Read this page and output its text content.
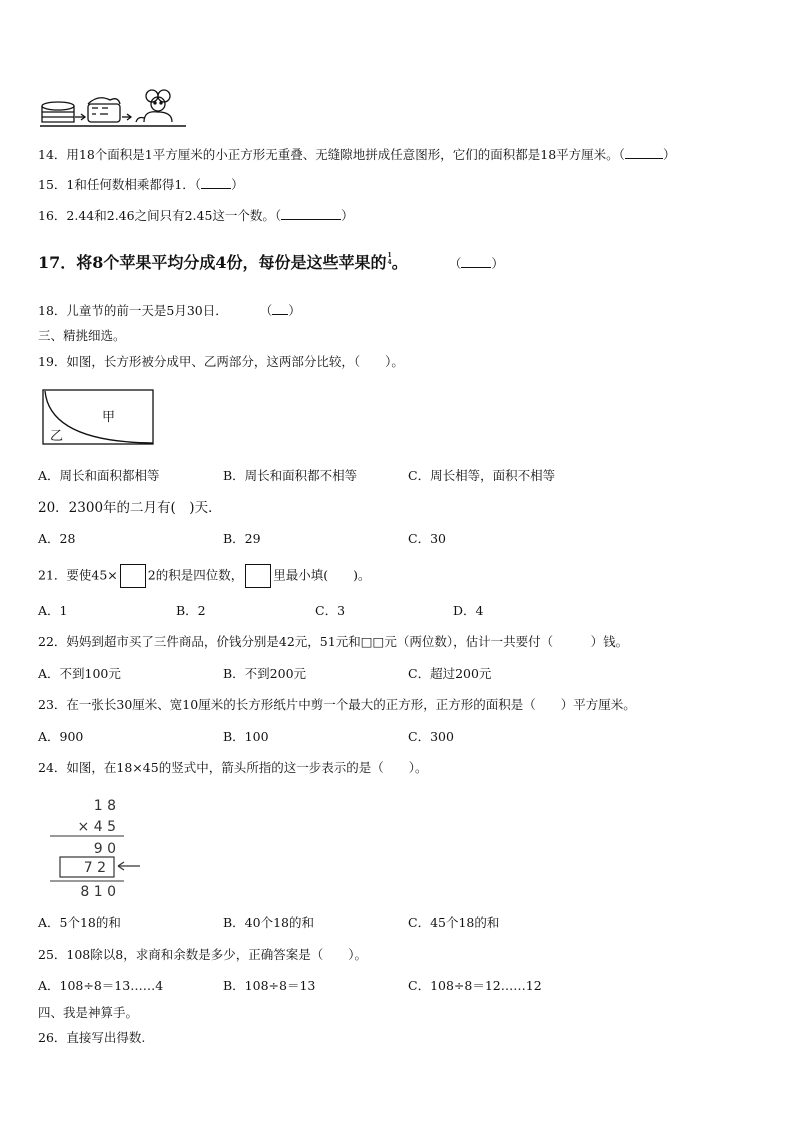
14．用18个面积是1平方厘米的小正方形无重叠、无缝隙地拼成任意图形，它们的面积都是18平方厘米。（	）
15．1和任何数相乘都得1．（ ）
16．2.44和2.46之间只有2.45这一个数。（	）
17．将8个苹果平均分成4份，每份是这些苹果的1
4。	（ ）
18．儿童节的前一天是5月30日．	（ ）
三、精挑细选。
19．如图，长方形被分成甲、乙两部分，这两部分比较，（　　）。
甲
乙
A．周长和面积都相等	B．周长和面积都不相等	C．周长相等，面积不相等
20．2300年的二月有(　)天．
A．28	B．29	C．30
21．要使45× 2的积是四位数， 里最小填(　　)。
A．1	B．2	C．3	D．4
22．妈妈到超市买了三件商品，价钱分别是42元，51元和□□元（两位数），估计一共要付（　　　）钱。
A．不到100元	B．不到200元	C．超过200元
23．在一张长30厘米、宽10厘米的长方形纸片中剪一个最大的正方形，正方形的面积是（　　）平方厘米。
A．900	B．100	C．300
24．如图，在18×45的竖式中，箭头所指的这一步表示的是（　　）。
1 8
× 4 5
9 0
7 2
8 1 0
A．5个18的和	B．40个18的和	C．45个18的和
25．108除以8，求商和余数是多少，正确答案是（　　）。
A．108÷8＝13……4	B．108÷8＝13	C．108÷8＝12……12
四、我是神算手。
26．直接写出得数.
